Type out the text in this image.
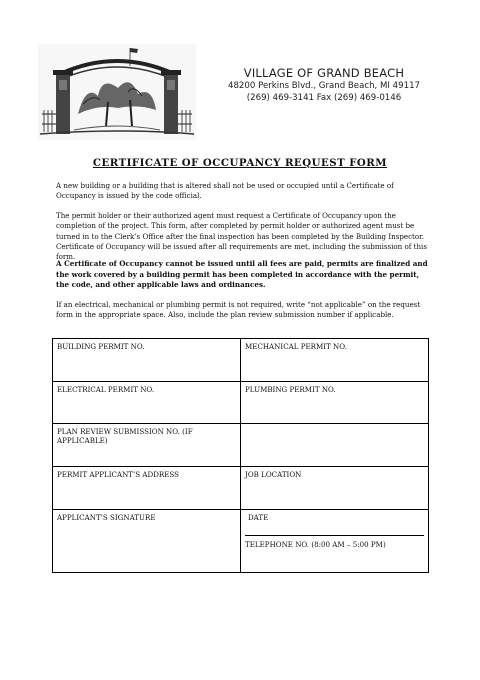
VILLAGE OF GRAND BEACH
48200 Perkins Blvd., Grand Beach, MI 49117
(269) 469-3141 Fax (269) 469-0146
CERTIFICATE OF OCCUPANCY REQUEST FORM
A new building or a building that is altered shall not be used or occupied until a Certificate of Occupancy is issued by the code official.
The permit holder or their authorized agent must request a Certificate of Occupancy upon the completion of the project. This form, after completed by permit holder or authorized agent must be turned in to the Clerk’s Office after the final inspection has been completed by the Building Inspector. Certificate of Occupancy will be issued after all requirements are met, including the submission of this form.
A Certificate of Occupancy cannot be issued until all fees are paid, permits are finalized and the work covered by a building permit has been completed in accordance with the permit, the code, and other applicable laws and ordinances.
If an electrical, mechanical or plumbing permit is not required, write “not applicable” on the request form in the appropriate space. Also, include the plan review submission number if applicable.
BUILDING PERMIT NO.	MECHANICAL PERMIT NO.
ELECTRICAL PERMIT NO.	PLUMBING PERMIT NO.
PLAN REVIEW SUBMISSION NO. (IF APPLICABLE)	
PERMIT APPLICANT’S ADDRESS	JOB LOCATION
APPLICANT’S SIGNATURE	DATE
TELEPHONE NO. (8:00 AM – 5:00 PM)
